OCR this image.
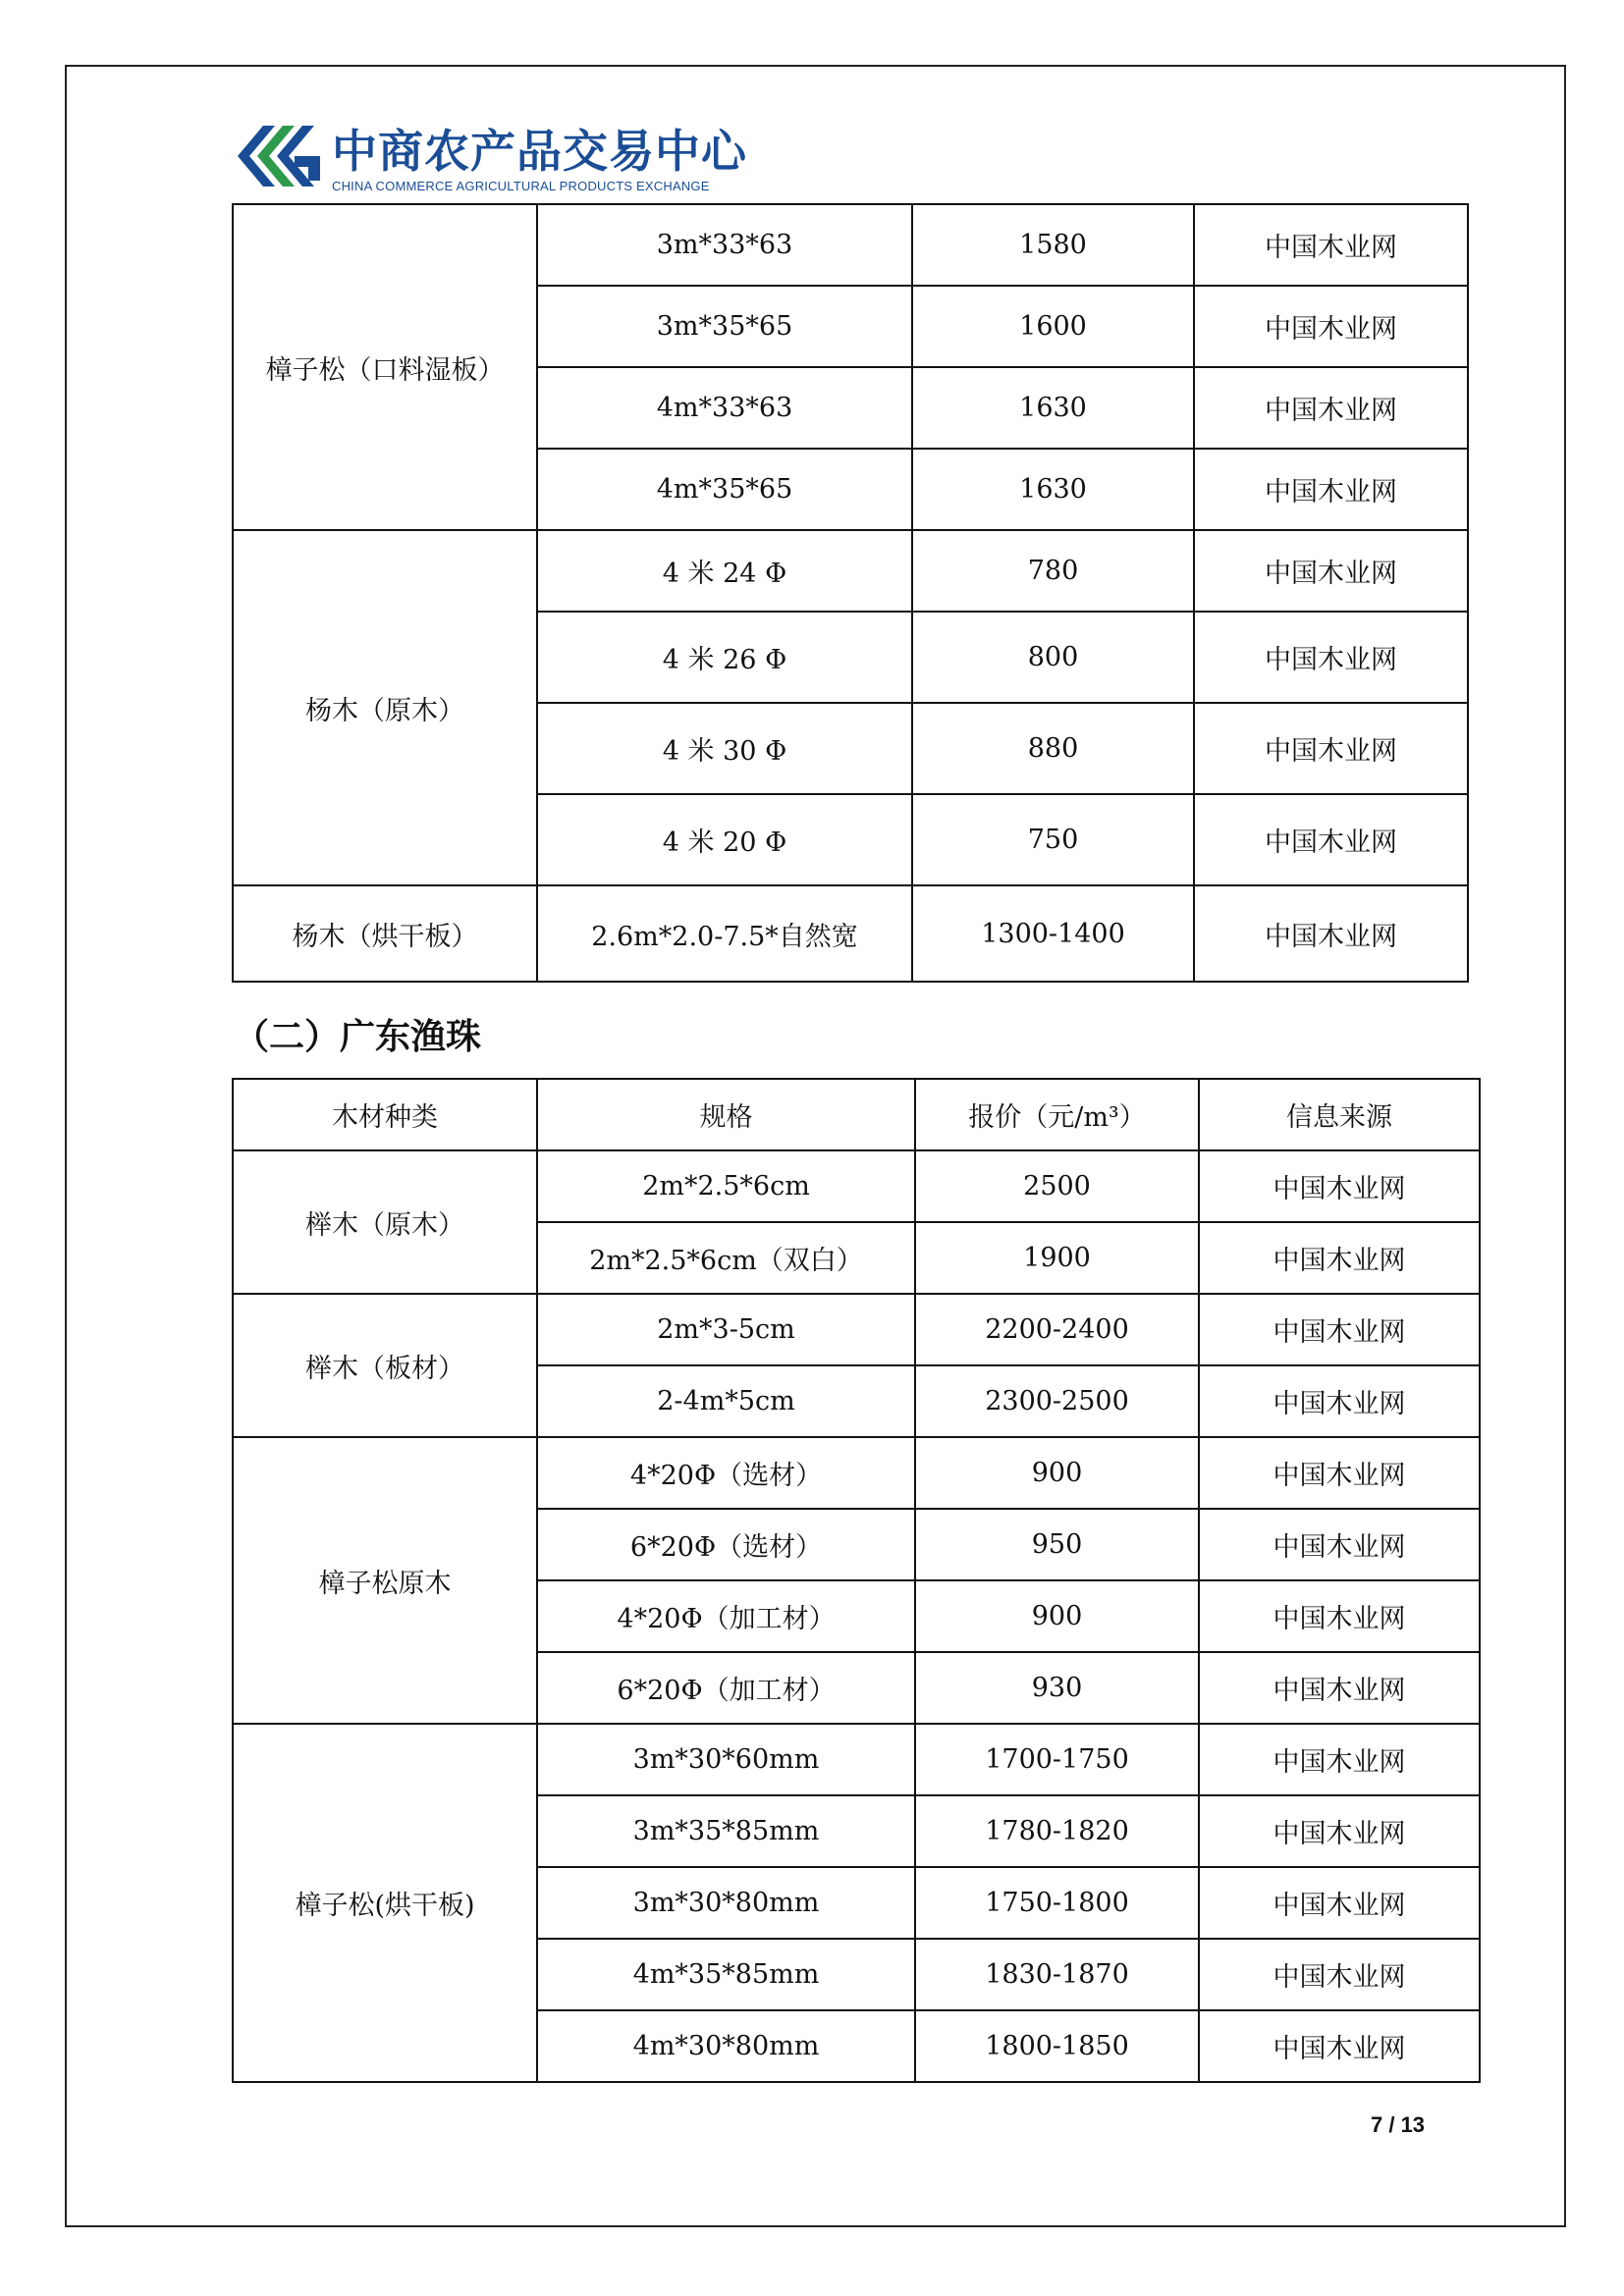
中商农产品交易中心
CHINA COMMERCE AGRICULTURAL PRODUCTS EXCHANGE
樟子松（口料湿板）	3m*33*63	1580	中国木业网
	3m*35*65	1600	中国木业网
	4m*33*63	1630	中国木业网
	4m*35*65	1630	中国木业网
杨木（原木）	4 米 24 Φ	780	中国木业网
	4 米 26 Φ	800	中国木业网
	4 米 30 Φ	880	中国木业网
	4 米 20 Φ	750	中国木业网
杨木（烘干板）	2.6m*2.0-7.5*自然宽	1300-1400	中国木业网
（二）广东渔珠
木材种类	规格	报价（元/m³）	信息来源
榉木（原木）	2m*2.5*6cm	2500	中国木业网
	2m*2.5*6cm（双白）	1900	中国木业网
榉木（板材）	2m*3-5cm	2200-2400	中国木业网
	2-4m*5cm	2300-2500	中国木业网
樟子松原木	4*20Φ（选材）	900	中国木业网
	6*20Φ（选材）	950	中国木业网
	4*20Φ（加工材）	900	中国木业网
	6*20Φ（加工材）	930	中国木业网
樟子松(烘干板)	3m*30*60mm	1700-1750	中国木业网
	3m*35*85mm	1780-1820	中国木业网
	3m*30*80mm	1750-1800	中国木业网
	4m*35*85mm	1830-1870	中国木业网
	4m*30*80mm	1800-1850	中国木业网
7 / 13
